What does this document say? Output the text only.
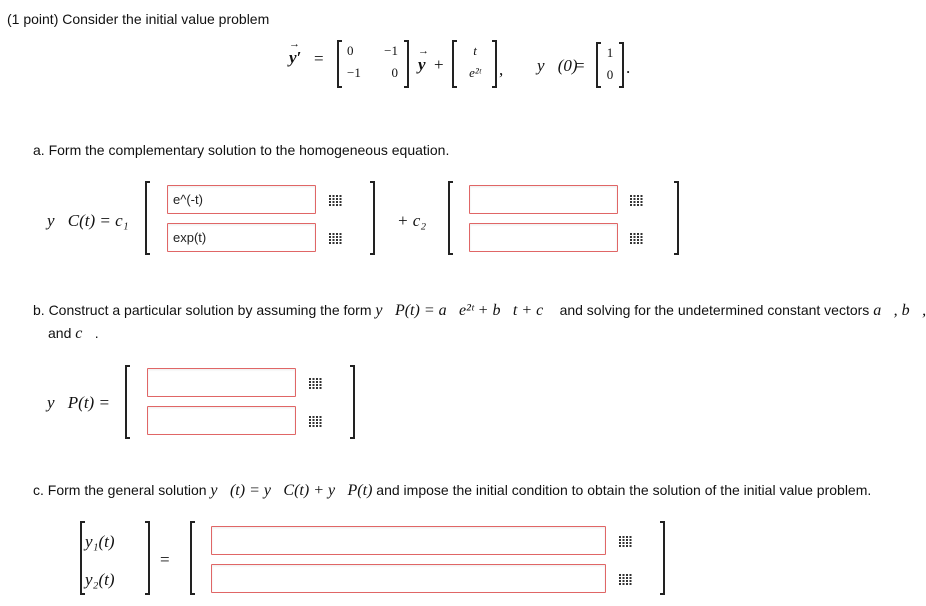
(1 point) Consider the initial value problem
→ y′ = 0 −1
−1 0
→ y +
t
e²ᵗ	, y⃗(0)
=
1
0 .
a. Form the complementary solution to the homogeneous equation.
y⃗C(t) = c₁
e^(-t)
exp(t)	+ c₂
b. Construct a particular solution by assuming the form y⃗P(t) = a⃗e²ᵗ + b⃗t + c⃗ and solving for the undetermined constant vectors a⃗, b⃗,
and c⃗.
y⃗P(t) =
c. Form the general solution y⃗(t) = y⃗C(t) + y⃗P(t) and impose the initial condition to obtain the solution of the initial value problem.
y₁(t)
y₂(t)
=
